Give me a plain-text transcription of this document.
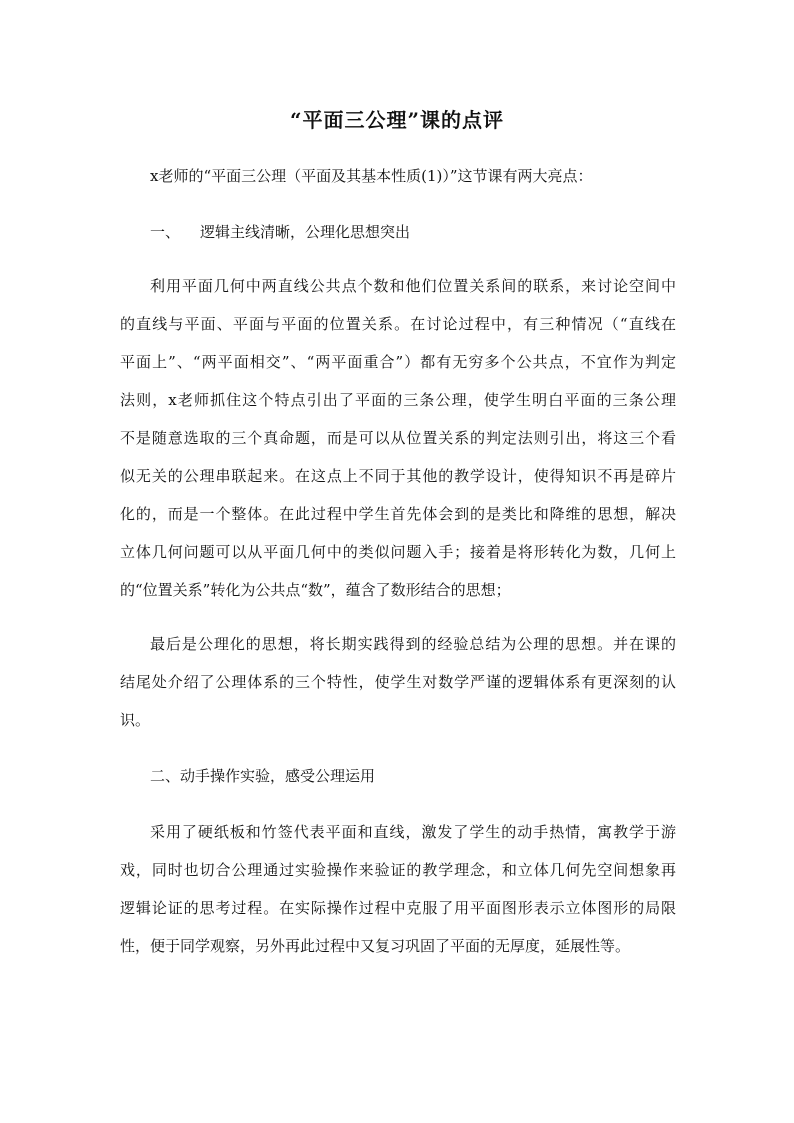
“平面三公理”课的点评
x老师的“平面三公理（平面及其基本性质(1)）”这节课有两大亮点：
一、 逻辑主线清晰，公理化思想突出
利用平面几何中两直线公共点个数和他们位置关系间的联系，来讨论空间中
的直线与平面、平面与平面的位置关系。在讨论过程中，有三种情况（“直线在
平面上”、“两平面相交”、“两平面重合”）都有无穷多个公共点，不宜作为判定
法则，x老师抓住这个特点引出了平面的三条公理，使学生明白平面的三条公理
不是随意选取的三个真命题，而是可以从位置关系的判定法则引出，将这三个看
似无关的公理串联起来。在这点上不同于其他的教学设计，使得知识不再是碎片
化的，而是一个整体。在此过程中学生首先体会到的是类比和降维的思想，解决
立体几何问题可以从平面几何中的类似问题入手；接着是将形转化为数，几何上
的“位置关系”转化为公共点“数”，蕴含了数形结合的思想；
最后是公理化的思想，将长期实践得到的经验总结为公理的思想。并在课的
结尾处介绍了公理体系的三个特性，使学生对数学严谨的逻辑体系有更深刻的认
识。
二、动手操作实验，感受公理运用
采用了硬纸板和竹签代表平面和直线，激发了学生的动手热情，寓教学于游
戏，同时也切合公理通过实验操作来验证的教学理念，和立体几何先空间想象再
逻辑论证的思考过程。在实际操作过程中克服了用平面图形表示立体图形的局限
性，便于同学观察，另外再此过程中又复习巩固了平面的无厚度，延展性等。
